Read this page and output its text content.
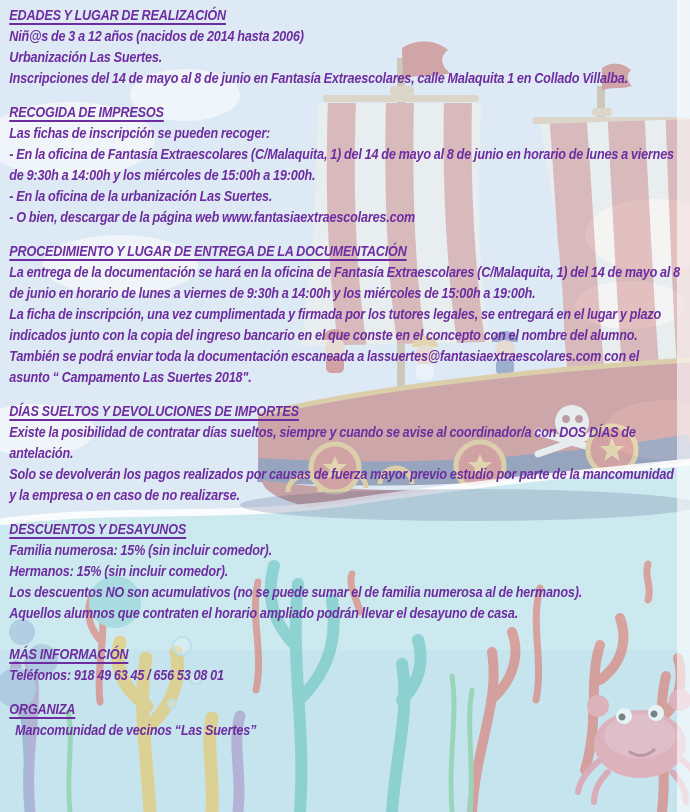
EDADES Y LUGAR DE REALIZACIÓN

Niñ@s de 3 a 12 años (nacidos de 2014 hasta 2006)

Urbanización Las Suertes.

Inscripciones del 14 de mayo al 8 de junio en Fantasía Extraescolares, calle Malaquita 1 en Collado Villalba.

RECOGIDA DE IMPRESOS

Las fichas de inscripción se pueden recoger:

- En la oficina de Fantasía Extraescolares (C/Malaquita, 1) del 14 de mayo al 8 de junio en horario de lunes a viernes de 9:30h a 14:00h y los miércoles de 15:00h a 19:00h.

- En la oficina de la urbanización Las Suertes.

- O bien, descargar de la página web www.fantasiaextraescolares.com

PROCEDIMIENTO Y LUGAR DE ENTREGA DE LA DOCUMENTACIÓN

La entrega de la documentación se hará en la oficina de Fantasía Extraescolares (C/Malaquita, 1) del 14 de mayo al 8 de junio en horario de lunes a viernes de 9:30h a 14:00h y los miércoles de 15:00h a 19:00h.

La ficha de inscripción, una vez cumplimentada y firmada por los tutores legales, se entregará en el lugar y plazo indicados junto con la copia del ingreso bancario en el que conste en el concepto con el nombre del alumno.

También se podrá enviar toda la documentación escaneada a lassuertes@fantasiaextraescolares.com con el asunto “ Campamento Las Suertes 2018".

DÍAS SUELTOS Y DEVOLUCIONES DE IMPORTES

Existe la posibilidad de contratar días sueltos, siempre y cuando se avise al coordinador/a con DOS DÍAS de antelación.

Solo se devolverán los pagos realizados por causas de fuerza mayor previo estudio por parte de la mancomunidad y la empresa o en caso de no realizarse.

DESCUENTOS Y DESAYUNOS

Familia numerosa: 15% (sin incluir comedor).

Hermanos: 15% (sin incluir comedor).

Los descuentos NO son acumulativos (no se puede sumar el de familia numerosa al de hermanos).

Aquellos alumnos que contraten el horario ampliado podrán llevar el desayuno de casa.

MÁS INFORMACIÓN

Teléfonos: 918 49 63 45 / 656 53 08 01

ORGANIZA

Mancomunidad de vecinos “Las Suertes”
